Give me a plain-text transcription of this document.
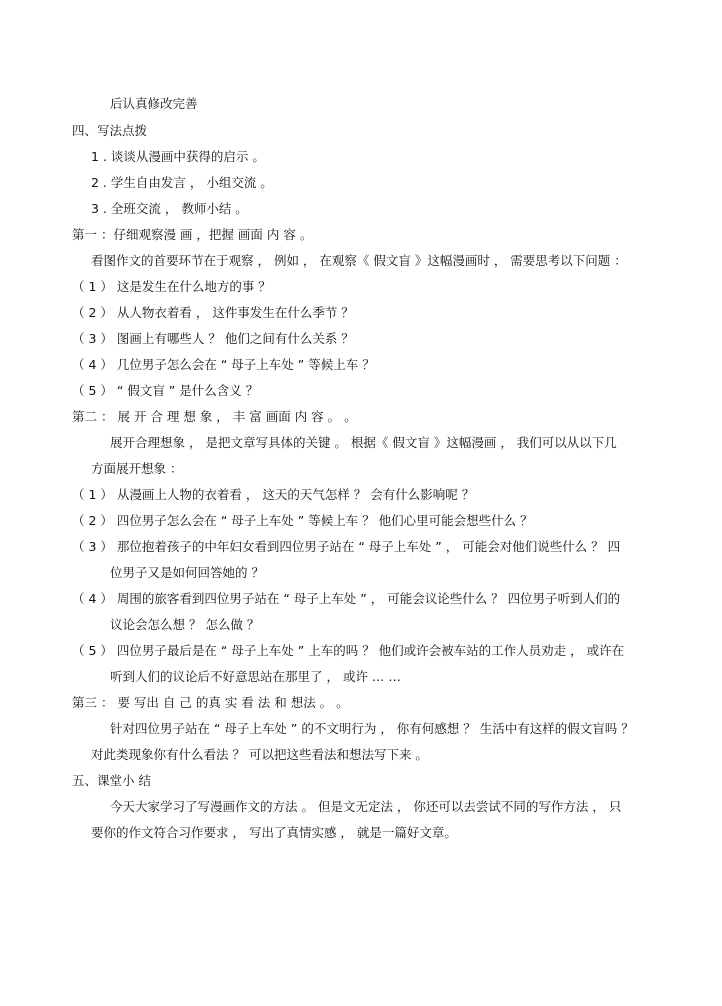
后认真修改完善
四、写法点拨
1 . 谈谈从漫画中获得的启示 。
2 . 学生自由发言 ， 小组交流 。
3 . 全班交流 ， 教师小结 。
第一 ：仔细观察漫 画 ，把握 画面 内 容 。
看图作文的首要环节在于观察 ， 例如 ， 在观察《 假文盲 》这幅漫画时 ， 需要思考以下问题 ：
（ 1 ） 这是发生在什么地方的事 ？
（ 2 ） 从人物衣着看 ， 这件事发生在什么季节 ？
（ 3 ） 图画上有哪些人 ？ 他们之间有什么关系 ？
（ 4 ） 几位男子怎么会在 “ 母子上车处 ” 等候上车 ？
（ 5 ） “ 假文盲 ” 是什么含义 ？
第二 ： 展 开 合 理 想 象 ， 丰 富 画面 内 容 。 。
展开合理想象 ， 是把文章写具体的关键 。 根据《 假文盲 》这幅漫画 ， 我们可以从以下几
方面展开想象 ：
（ 1 ） 从漫画上人物的衣着看 ， 这天的天气怎样 ？ 会有什么影响呢 ？
（ 2 ） 四位男子怎么会在 “ 母子上车处 ” 等候上车 ？ 他们心里可能会想些什么 ？
（ 3 ） 那位抱着孩子的中年妇女看到四位男子站在 “ 母子上车处 ” ， 可能会对他们说些什么 ？ 四
位男子又是如何回答她的 ？
（ 4 ） 周围的旅客看到四位男子站在 “ 母子上车处 ” ， 可能会议论些什么 ？ 四位男子听到人们的
议论会怎么想 ？ 怎么做 ？
（ 5 ） 四位男子最后是在 “ 母子上车处 ” 上车的吗 ？ 他们或许会被车站的工作人员劝走 ， 或许在
听到人们的议论后不好意思站在那里了 ， 或许 … …
第三 ： 要 写出 自 己 的真 实 看 法 和 想法 。 。
针对四位男子站在 “ 母子上车处 ” 的不文明行为 ， 你有何感想 ？ 生活中有这样的假文盲吗 ？
对此类现象你有什么看法 ？ 可以把这些看法和想法写下来 。
五、课堂小 结
今天大家学习了写漫画作文的方法 。 但是文无定法 ， 你还可以去尝试不同的写作方法 ， 只
要你的作文符合习作要求 ， 写出了真情实感 ， 就是一篇好文章。
